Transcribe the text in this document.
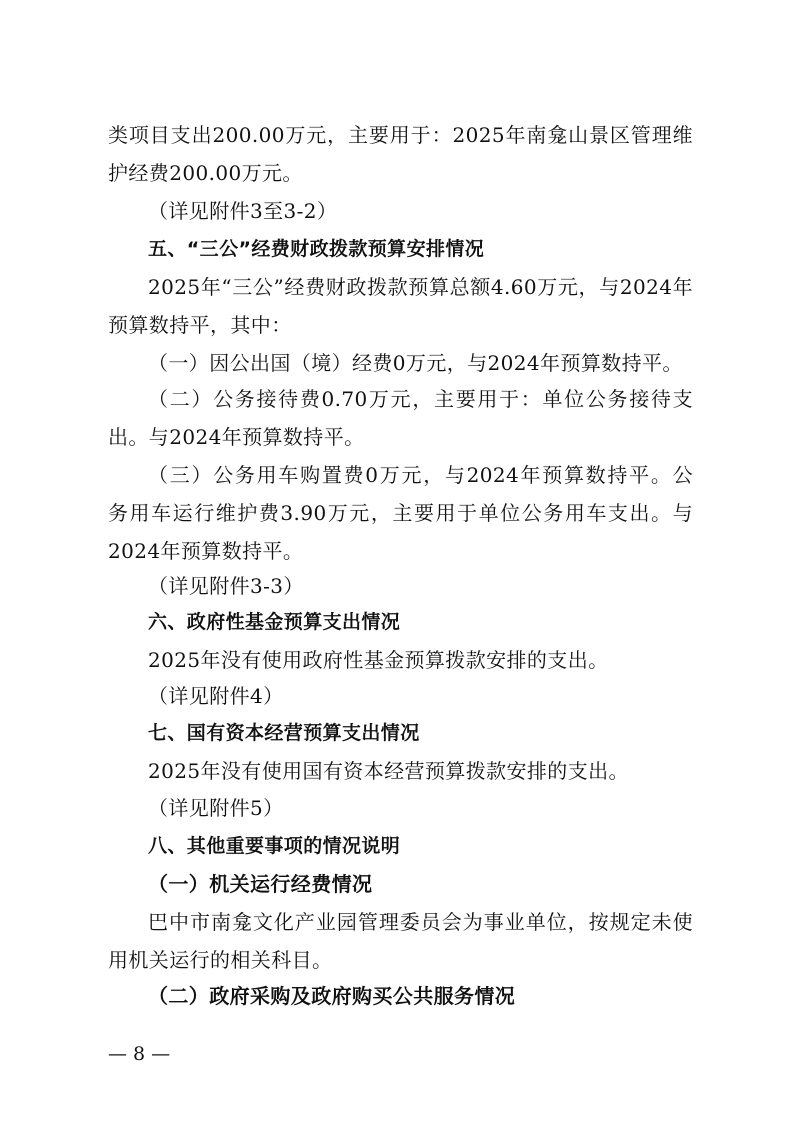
类项目支出200.00万元，主要用于：2025年南龛山景区管理维
护经费200.00万元。
（详见附件3至3-2）
五、“三公”经费财政拨款预算安排情况
2025年“三公”经费财政拨款预算总额4.60万元，与2024年
预算数持平，其中：
（一）因公出国（境）经费0万元，与2024年预算数持平。
（二）公务接待费0.70万元，主要用于：单位公务接待支
出。与2024年预算数持平。
（三）公务用车购置费0万元，与2024年预算数持平。公
务用车运行维护费3.90万元，主要用于单位公务用车支出。与
2024年预算数持平。
（详见附件3-3）
六、政府性基金预算支出情况
2025年没有使用政府性基金预算拨款安排的支出。
（详见附件4）
七、国有资本经营预算支出情况
2025年没有使用国有资本经营预算拨款安排的支出。
（详见附件5）
八、其他重要事项的情况说明
（一）机关运行经费情况
巴中市南龛文化产业园管理委员会为事业单位，按规定未使
用机关运行的相关科目。
（二）政府采购及政府购买公共服务情况
— 8 —
